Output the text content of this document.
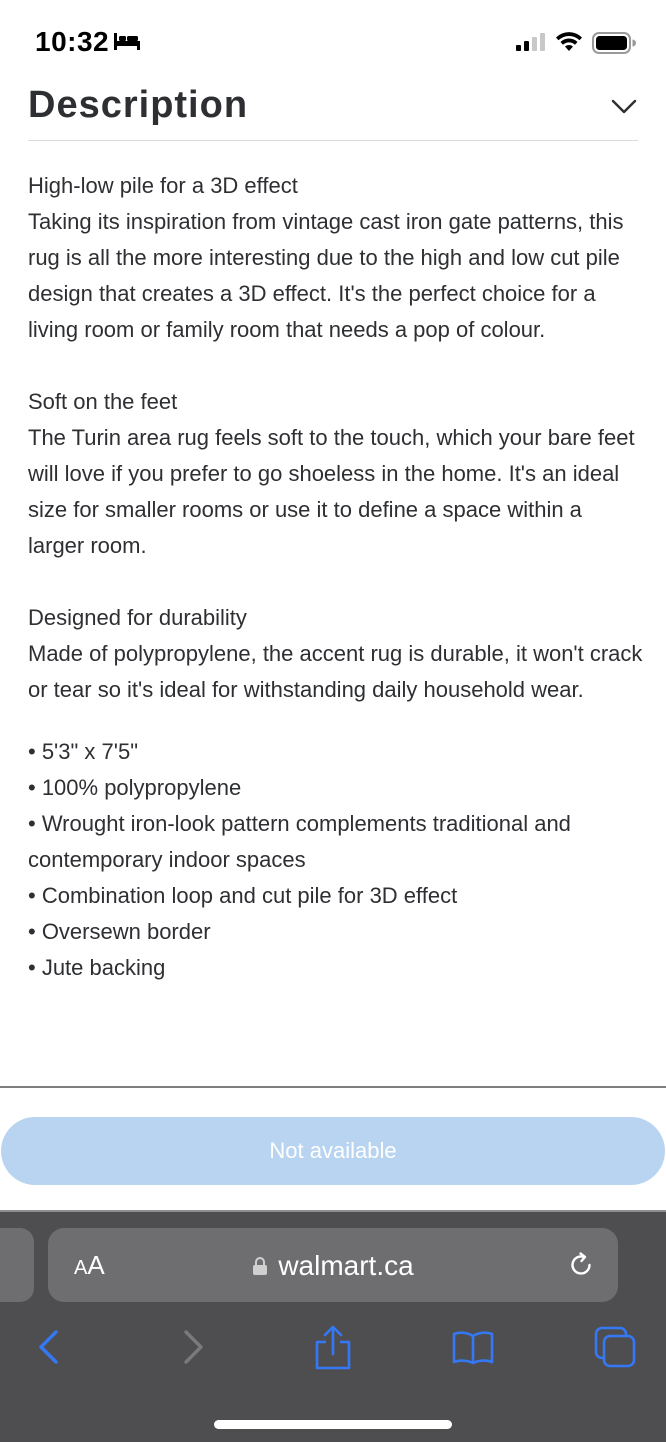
10:32
Description
High-low pile for a 3D effect
Taking its inspiration from vintage cast iron gate patterns, this rug is all the more interesting due to the high and low cut pile design that creates a 3D effect. It's the perfect choice for a living room or family room that needs a pop of colour.
Soft on the feet
The Turin area rug feels soft to the touch, which your bare feet will love if you prefer to go shoeless in the home. It's an ideal size for smaller rooms or use it to define a space within a larger room.
Designed for durability
Made of polypropylene, the accent rug is durable, it won't crack or tear so it's ideal for withstanding daily household wear.
• 5'3" x 7'5"
• 100% polypropylene
• Wrought iron-look pattern complements traditional and contemporary indoor spaces
• Combination loop and cut pile for 3D effect
• Oversewn border
• Jute backing
Not available
AA	walmart.ca
